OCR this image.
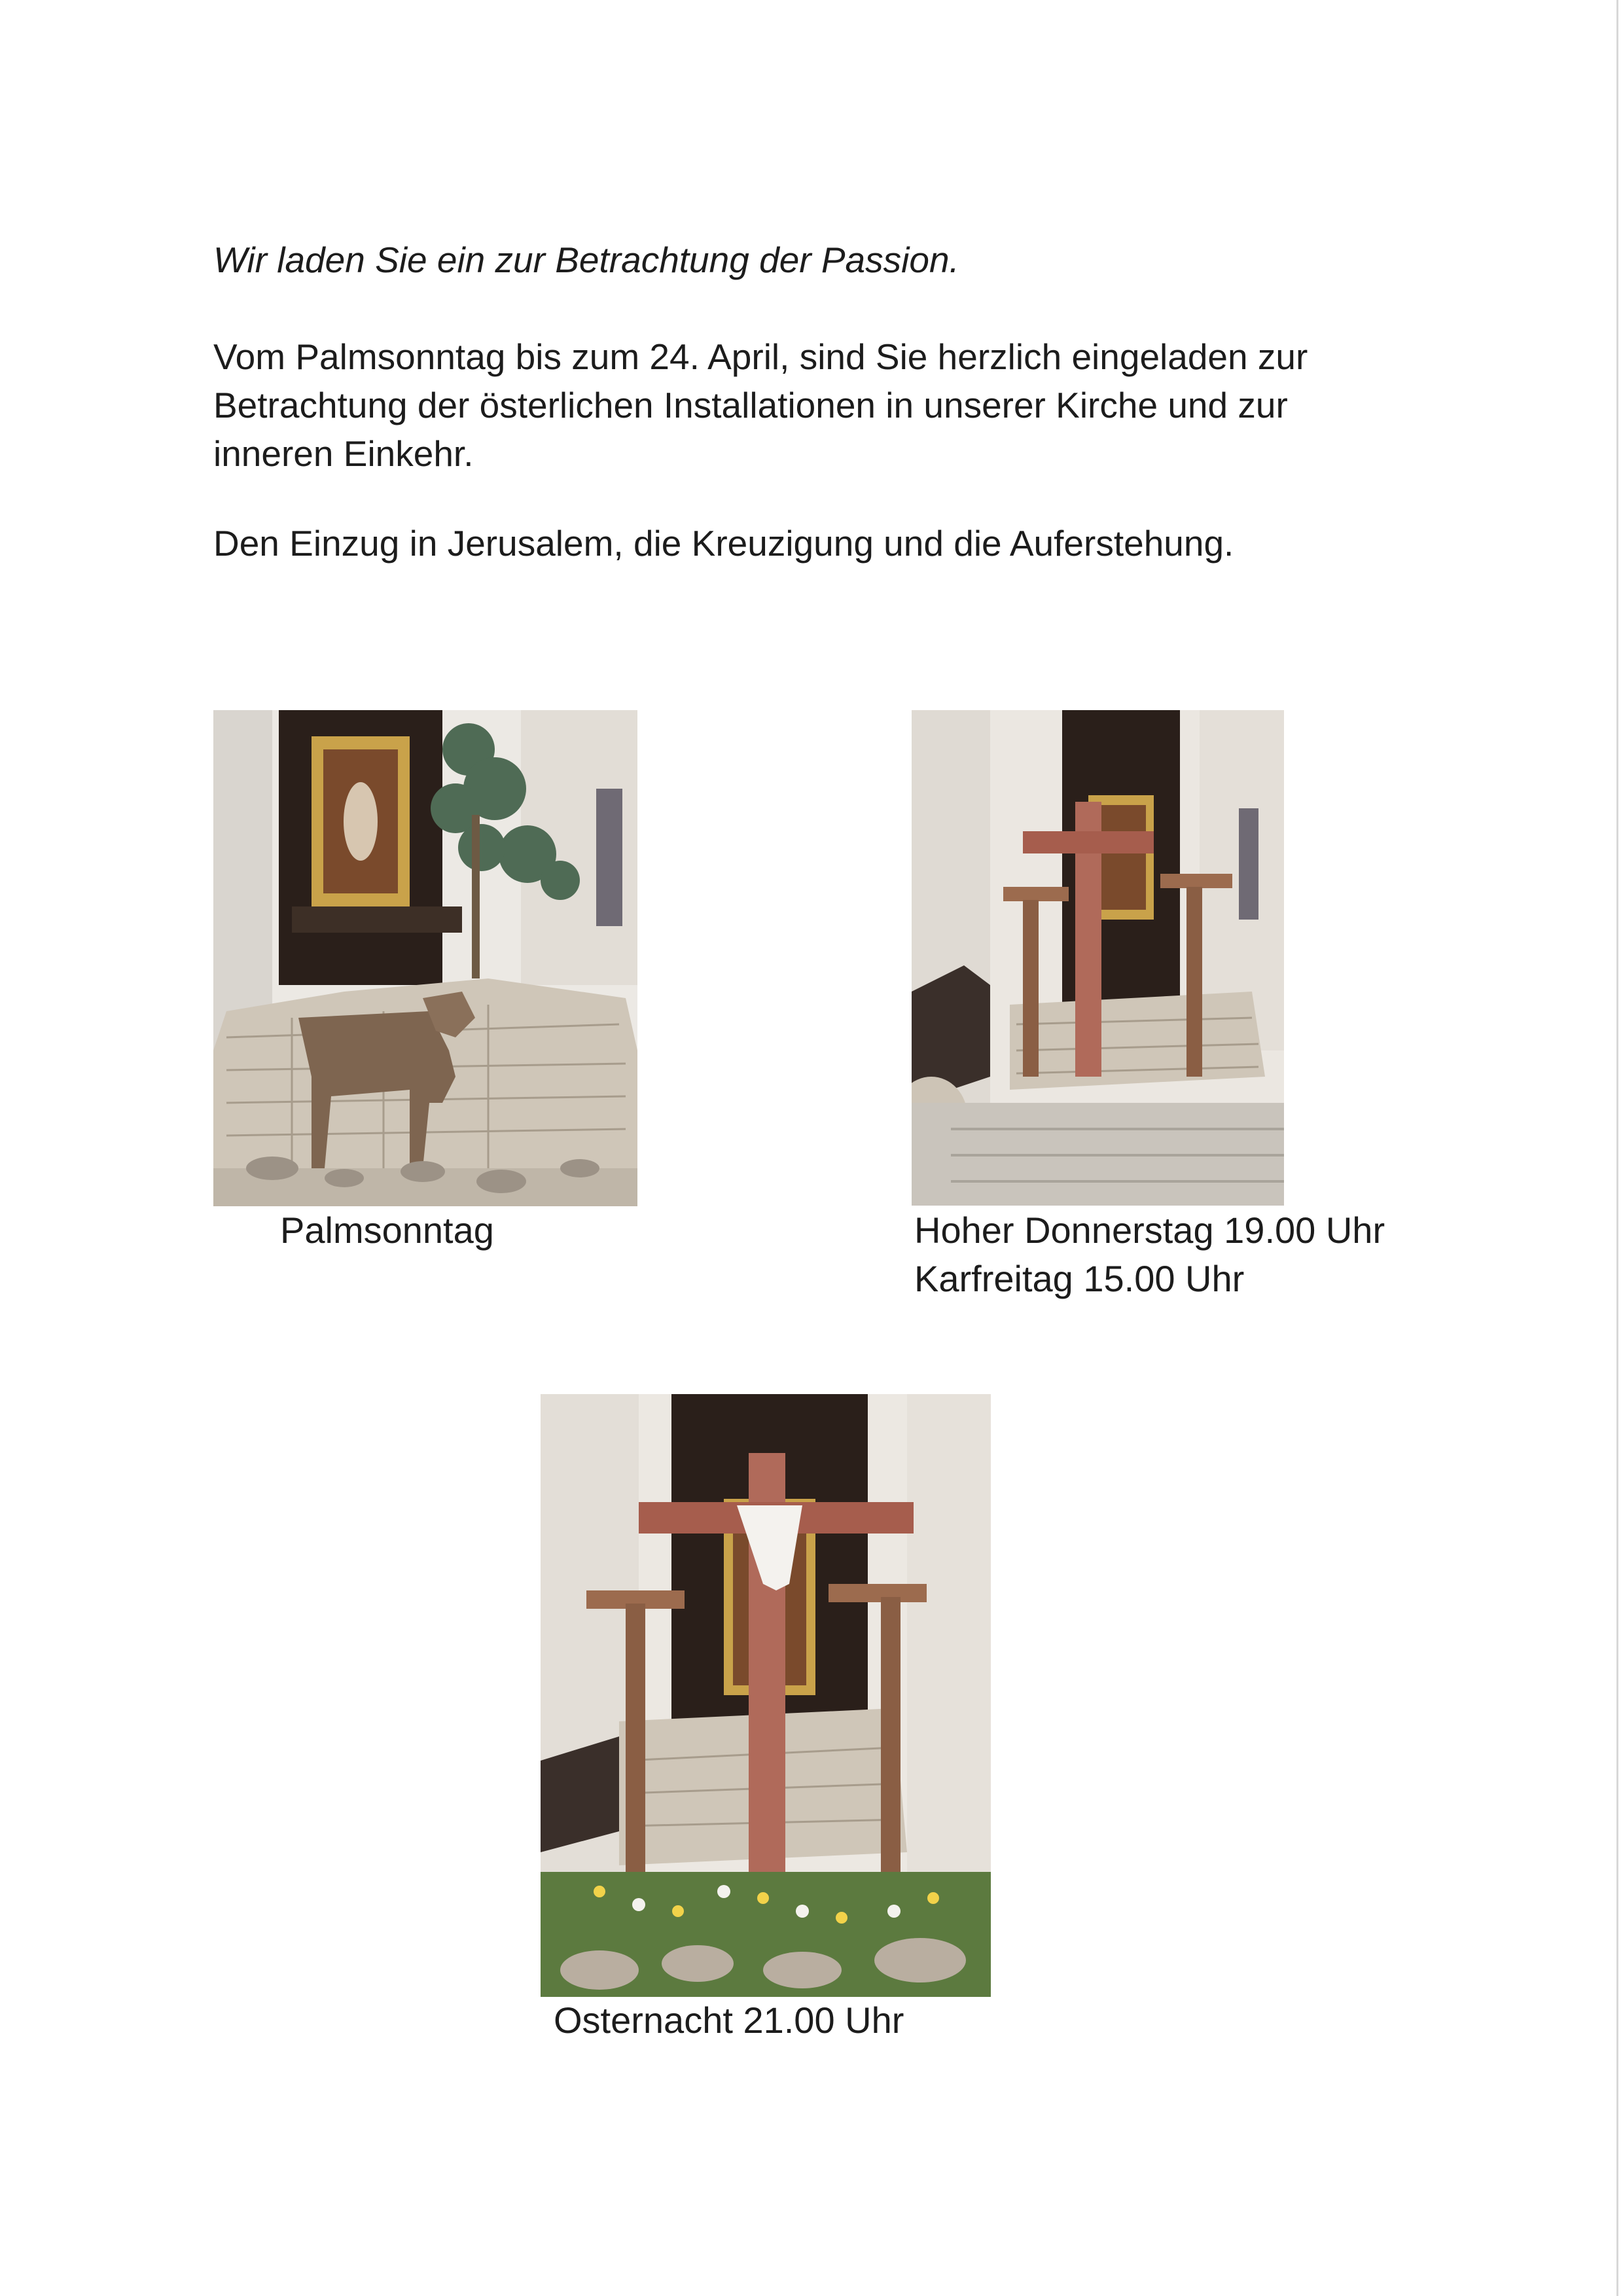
Wir laden Sie ein zur Betrachtung der Passion.
Vom Palmsonntag bis zum 24. April, sind Sie herzlich eingeladen zur
Betrachtung der österlichen Installationen in unserer Kirche und zur
inneren Einkehr.
Den Einzug in Jerusalem, die Kreuzigung und die Auferstehung.
Palmsonntag	Hoher Donnerstag 19.00 Uhr
Karfreitag 15.00 Uhr
Osternacht 21.00 Uhr
